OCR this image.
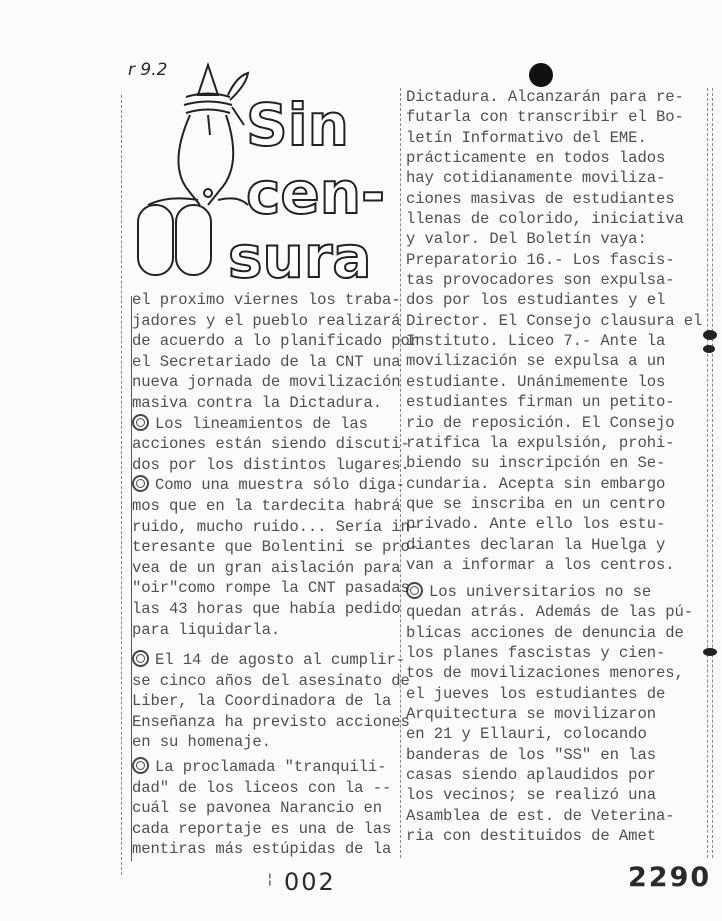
r 9.2
Sin
cen-
sura
el proximo viernes los traba-
jadores y el pueblo realizará
de acuerdo a lo planificado por
el Secretariado de la CNT una
nueva jornada de movilización
masiva contra la Dictadura.
Los lineamientos de las
acciones están siendo discuti-
dos por los distintos lugares.
Como una muestra sólo diga-
mos que en la tardecita habrá
ruido, mucho ruido... Sería in-
teresante que Bolentini se pro-
vea de un gran aislación para
"oir"como rompe la CNT pasadas
las 43 horas que había pedido
para liquidarla.
El 14 de agosto al cumplir-
se cinco años del asesinato de
Liber, la Coordinadora de la
Enseñanza ha previsto acciones
en su homenaje.
La proclamada "tranquili-
dad" de los liceos con la --
cuál se pavonea Narancio en
cada reportaje es una de las
mentiras más estúpidas de la
Dictadura. Alcanzarán para re-
futarla con transcribir el Bo-
letín Informativo del EME.
prácticamente en todos lados
hay cotidianamente moviliza-
ciones masivas de estudiantes
llenas de colorido, iniciativa
y valor. Del Boletín vaya:
Preparatorio 16.- Los fascis-
tas provocadores son expulsa-
dos por los estudiantes y el
Director. El Consejo clausura el
Instituto. Liceo 7.- Ante la
movilización se expulsa a un
estudiante. Unánimemente los
estudiantes firman un petito-
rio de reposición. El Consejo
ratifica la expulsión, prohi-
biendo su inscripción en Se-
cundaria. Acepta sin embargo
que se inscriba en un centro
privado. Ante ello los estu-
diantes declaran la Huelga y
van a informar a los centros.
Los universitarios no se
quedan atrás. Además de las pú-
blicas acciones de denuncia de
los planes fascistas y cien-
tos de movilizaciones menores,
el jueves los estudiantes de
Arquitectura se movilizaron
en 21 y Ellauri, colocando
banderas de los "SS" en las
casas siendo aplaudidos por
los vecinos; se realizó una
Asamblea de est. de Veterina-
ria con destituidos de Amet
¦ 002	2290
